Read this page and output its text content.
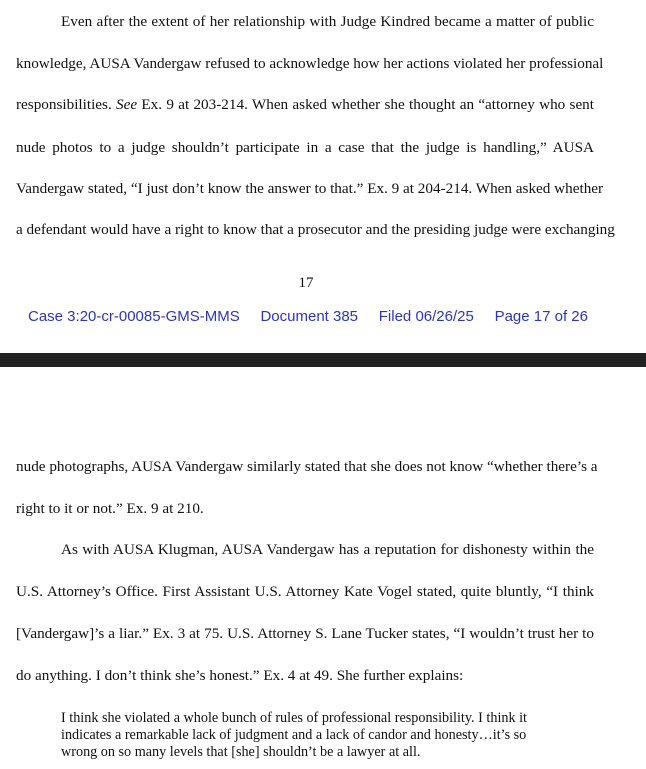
Even after the extent of her relationship with Judge Kindred became a matter of public
knowledge, AUSA Vandergaw refused to acknowledge how her actions violated her professional
responsibilities. See Ex. 9 at 203-214. When asked whether she thought an “attorney who sent
nude photos to a judge shouldn’t participate in a case that the judge is handling,” AUSA
Vandergaw stated, “I just don’t know the answer to that.” Ex. 9 at 204-214. When asked whether
a defendant would have a right to know that a prosecutor and the presiding judge were exchanging
17
Case 3:20-cr-00085-GMS-MMS Document 385 Filed 06/26/25 Page 17 of 26
nude photographs, AUSA Vandergaw similarly stated that she does not know “whether there’s a
right to it or not.” Ex. 9 at 210.
As with AUSA Klugman, AUSA Vandergaw has a reputation for dishonesty within the
U.S. Attorney’s Office. First Assistant U.S. Attorney Kate Vogel stated, quite bluntly, “I think
[Vandergaw]’s a liar.” Ex. 3 at 75. U.S. Attorney S. Lane Tucker states, “I wouldn’t trust her to
do anything. I don’t think she’s honest.” Ex. 4 at 49. She further explains:
I think she violated a whole bunch of rules of professional responsibility. I think it
indicates a remarkable lack of judgment and a lack of candor and honesty…it’s so
wrong on so many levels that [she] shouldn’t be a lawyer at all.
